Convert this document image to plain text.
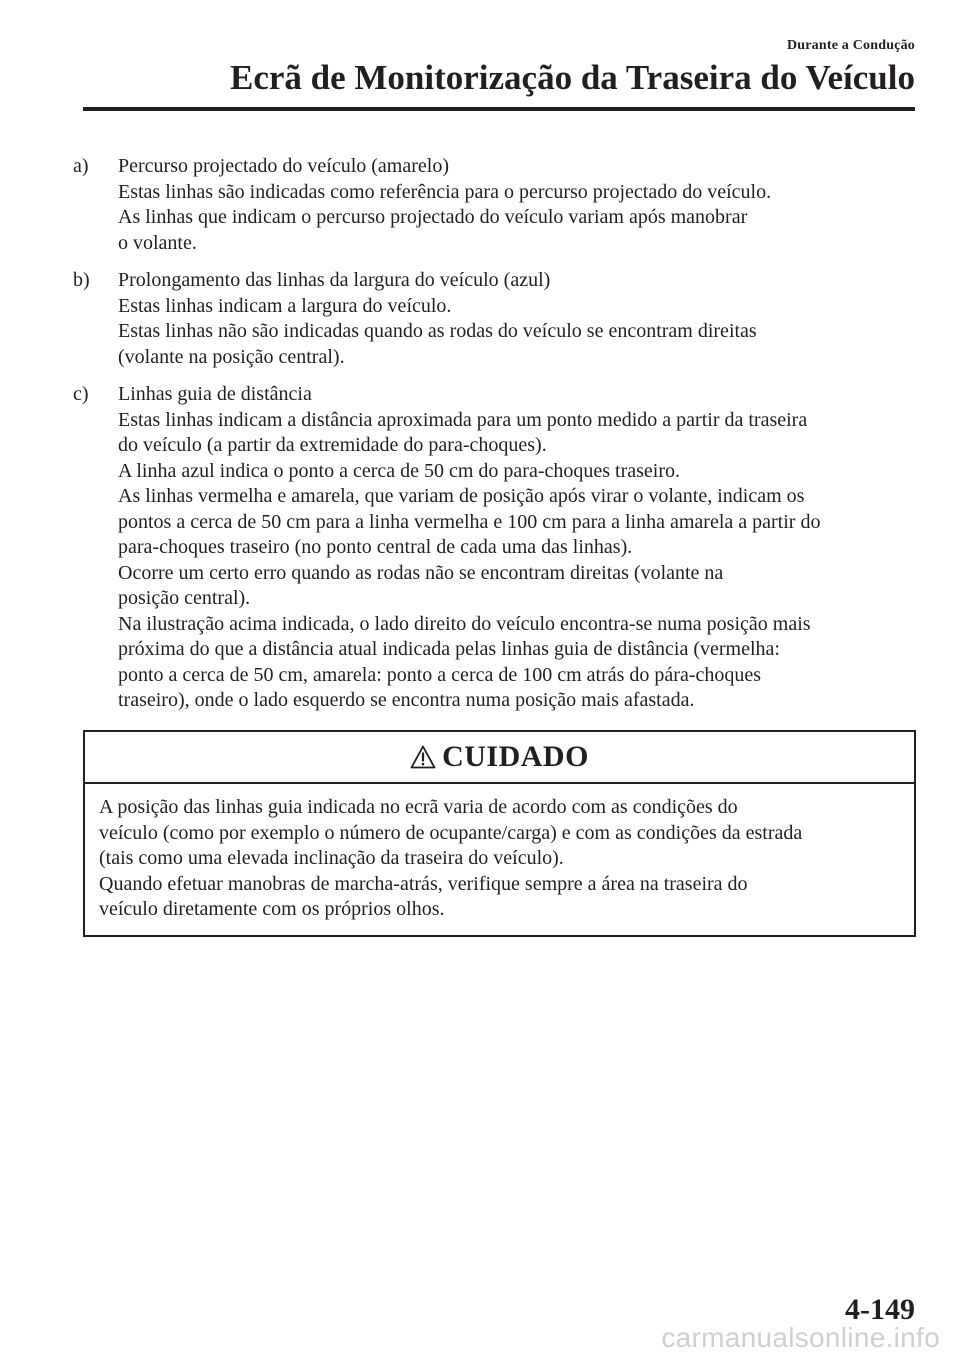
Durante a Condução
Ecrã de Monitorização da Traseira do Veículo
a)	Percurso projectado do veículo (amarelo)
Estas linhas são indicadas como referência para o percurso projectado do veículo.
As linhas que indicam o percurso projectado do veículo variam após manobrar
o volante.
b)	Prolongamento das linhas da largura do veículo (azul)
Estas linhas indicam a largura do veículo.
Estas linhas não são indicadas quando as rodas do veículo se encontram direitas
(volante na posição central).
c)	Linhas guia de distância
Estas linhas indicam a distância aproximada para um ponto medido a partir da traseira
do veículo (a partir da extremidade do para-choques).
A linha azul indica o ponto a cerca de 50 cm do para-choques traseiro.
As linhas vermelha e amarela, que variam de posição após virar o volante, indicam os
pontos a cerca de 50 cm para a linha vermelha e 100 cm para a linha amarela a partir do
para-choques traseiro (no ponto central de cada uma das linhas).
Ocorre um certo erro quando as rodas não se encontram direitas (volante na
posição central).
Na ilustração acima indicada, o lado direito do veículo encontra-se numa posição mais
próxima do que a distância atual indicada pelas linhas guia de distância (vermelha:
ponto a cerca de 50 cm, amarela: ponto a cerca de 100 cm atrás do pára-choques
traseiro), onde o lado esquerdo se encontra numa posição mais afastada.
CUIDADO
A posição das linhas guia indicada no ecrã varia de acordo com as condições do
veículo (como por exemplo o número de ocupante/carga) e com as condições da estrada
(tais como uma elevada inclinação da traseira do veículo).
Quando efetuar manobras de marcha-atrás, verifique sempre a área na traseira do
veículo diretamente com os próprios olhos.
4-149
carmanualsonline.info
